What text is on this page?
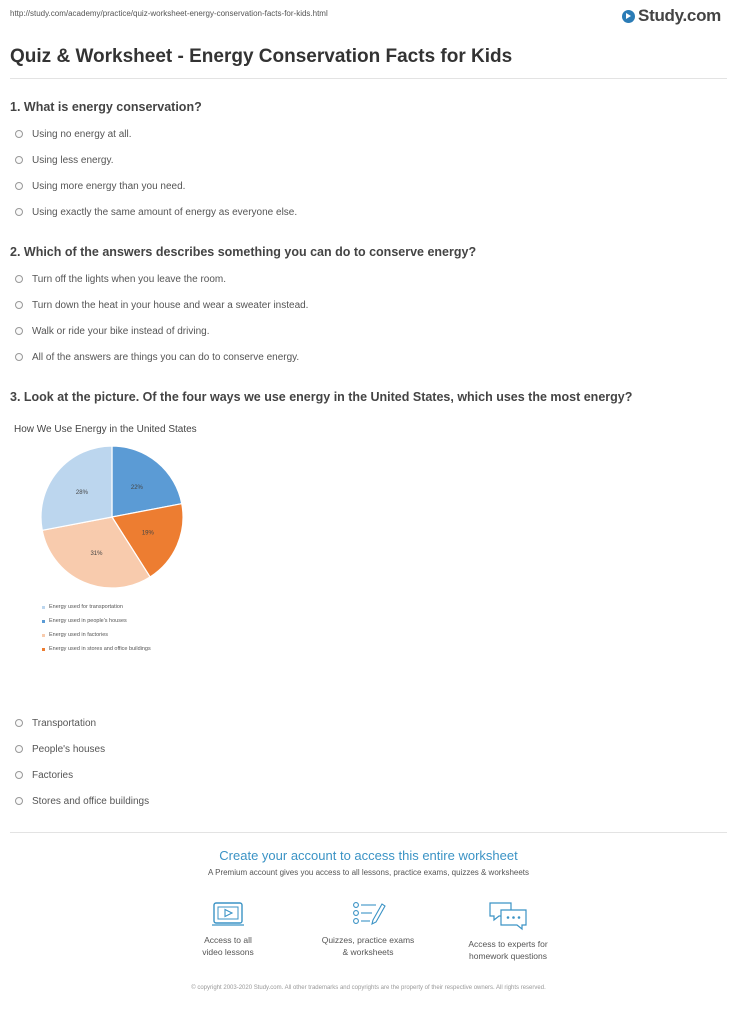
http://study.com/academy/practice/quiz-worksheet-energy-conservation-facts-for-kids.html	Study.com
Quiz & Worksheet - Energy Conservation Facts for Kids
1. What is energy conservation?
Using no energy at all.
Using less energy.
Using more energy than you need.
Using exactly the same amount of energy as everyone else.
2. Which of the answers describes something you can do to conserve energy?
Turn off the lights when you leave the room.
Turn down the heat in your house and wear a sweater instead.
Walk or ride your bike instead of driving.
All of the answers are things you can do to conserve energy.
3. Look at the picture. Of the four ways we use energy in the United States, which uses the most energy?
How We Use Energy in the United States
22%
19%
31%
28%
Energy used for transportation
Energy used in people's houses
Energy used in factories
Energy used in stores and office buildings
Transportation
People's houses
Factories
Stores and office buildings
Create your account to access this entire worksheet
A Premium account gives you access to all lessons, practice exams, quizzes & worksheets
Access to all
video lessons
Quizzes, practice exams
& worksheets
Access to experts for
homework questions
© copyright 2003-2020 Study.com. All other trademarks and copyrights are the property of their respective owners. All rights reserved.
